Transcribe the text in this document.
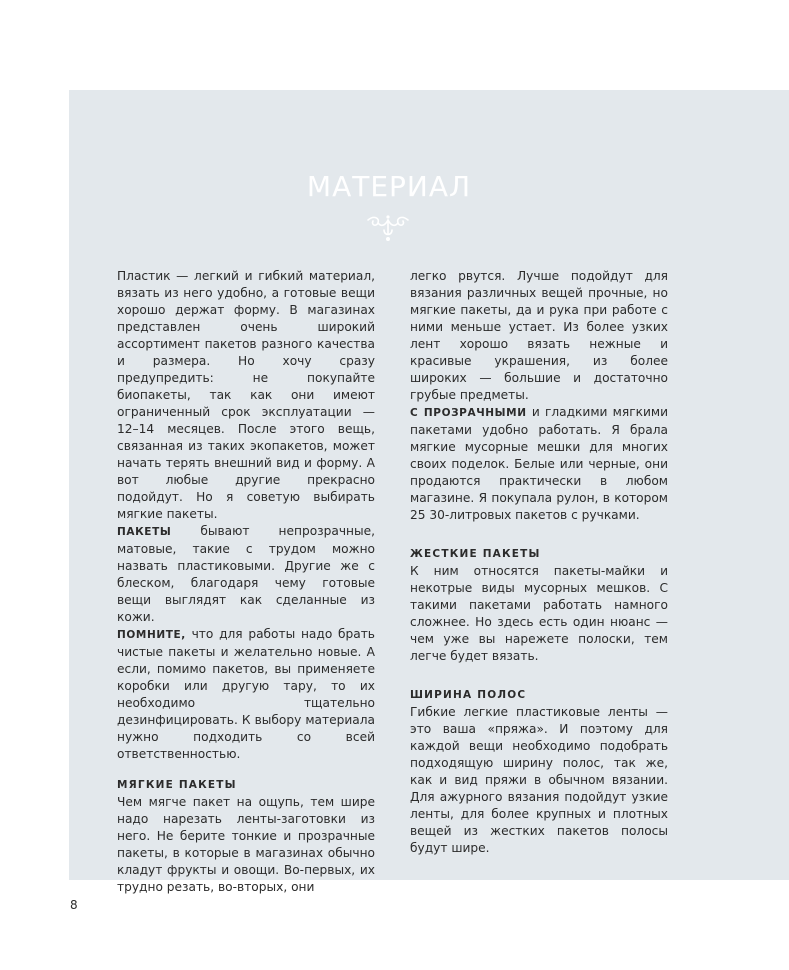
МАТЕРИАЛ

Пластик — легкий и гибкий материал, вязать из него удобно, а готовые вещи хорошо держат форму. В магазинах представлен очень широкий ассортимент пакетов разного качества и размера. Но хочу сразу предупредить: не покупайте биопакеты, так как они имеют ограниченный срок эксплуатации — 12–14 месяцев. После этого вещь, связанная из таких экопакетов, может начать терять внешний вид и форму. А вот любые другие прекрасно подойдут. Но я советую выбирать мягкие пакеты.

ПАКЕТЫ бывают непрозрачные, матовые, такие с трудом можно назвать пластиковыми. Другие же с блеском, благодаря чему готовые вещи выглядят как сделанные из кожи.

ПОМНИТЕ, что для работы надо брать чистые пакеты и желательно новые. А если, помимо пакетов, вы применяете коробки или другую тару, то их необходимо тщательно дезинфицировать. К выбору материала нужно подходить со всей ответственностью.

МЯГКИЕ ПАКЕТЫ

Чем мягче пакет на ощупь, тем шире надо нарезать ленты-заготовки из него. Не берите тонкие и прозрачные пакеты, в которые в магазинах обычно кладут фрукты и овощи. Во-первых, их трудно резать, во-вторых, они

легко рвутся. Лучше подойдут для вязания различных вещей прочные, но мягкие пакеты, да и рука при работе с ними меньше устает. Из более узких лент хорошо вязать нежные и красивые украшения, из более широких — большие и достаточно грубые предметы.

С ПРОЗРАЧНЫМИ и гладкими мягкими пакетами удобно работать. Я брала мягкие мусорные мешки для многих своих поделок. Белые или черные, они продаются практически в любом магазине. Я покупала рулон, в котором 25 30-литровых пакетов с ручками.

ЖЕСТКИЕ ПАКЕТЫ

К ним относятся пакеты-майки и некотрые виды мусорных мешков. С такими пакетами работать намного сложнее. Но здесь есть один нюанс — чем уже вы нарежете полоски, тем легче будет вязать.

ШИРИНА ПОЛОС

Гибкие легкие пластиковые ленты — это ваша «пряжа». И поэтому для каждой вещи необходимо подобрать подходящую ширину полос, так же, как и вид пряжи в обычном вязании. Для ажурного вязания подойдут узкие ленты, для более крупных и плотных вещей из жестких пакетов полосы будут шире.

8
